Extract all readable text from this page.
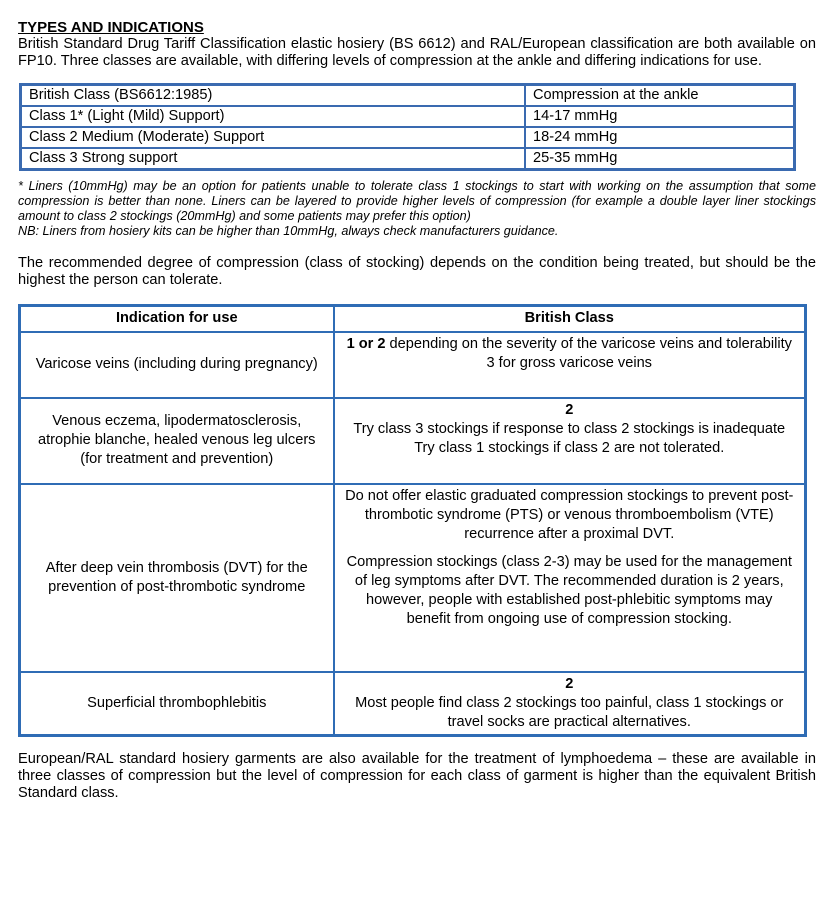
TYPES AND INDICATIONS

British Standard Drug Tariff Classification elastic hosiery (BS 6612) and RAL/European classification are both available on FP10. Three classes are available, with differing levels of compression at the ankle and differing indications for use.

British Class (BS6612:1985)	Compression at the ankle
Class 1* (Light (Mild) Support)	14-17 mmHg
Class 2 Medium (Moderate) Support	18-24 mmHg
Class 3 Strong support	25-35 mmHg
* Liners (10mmHg) may be an option for patients unable to tolerate class 1 stockings to start with working on the assumption that some compression is better than none. Liners can be layered to provide higher levels of compression (for example a double layer liner stockings amount to class 2 stockings (20mmHg) and some patients may prefer this option)
NB: Liners from hosiery kits can be higher than 10mmHg, always check manufacturers guidance.

The recommended degree of compression (class of stocking) depends on the condition being treated, but should be the highest the person can tolerate.

Indication for use	British Class
Varicose veins (including during pregnancy)	1 or 2 depending on the severity of the varicose veins and tolerability
3 for gross varicose veins

Venous eczema, lipodermatosclerosis, atrophie blanche, healed venous leg ulcers (for treatment and prevention)	2
Try class 3 stockings if response to class 2 stockings is inadequate
Try class 1 stockings if class 2 are not tolerated.

After deep vein thrombosis (DVT) for the prevention of post-thrombotic syndrome	Do not offer elastic graduated compression stockings to prevent post-thrombotic syndrome (PTS) or venous thromboembolism (VTE) recurrence after a proximal DVT.
Compression stockings (class 2-3) may be used for the management of leg symptoms after DVT. The recommended duration is 2 years, however, people with established post-phlebitic symptoms may benefit from ongoing use of compression stocking.

Superficial thrombophlebitis	2
Most people find class 2 stockings too painful, class 1 stockings or travel socks are practical alternatives.

European/RAL standard hosiery garments are also available for the treatment of lymphoedema – these are available in three classes of compression but the level of compression for each class of garment is higher than the equivalent British Standard class.
